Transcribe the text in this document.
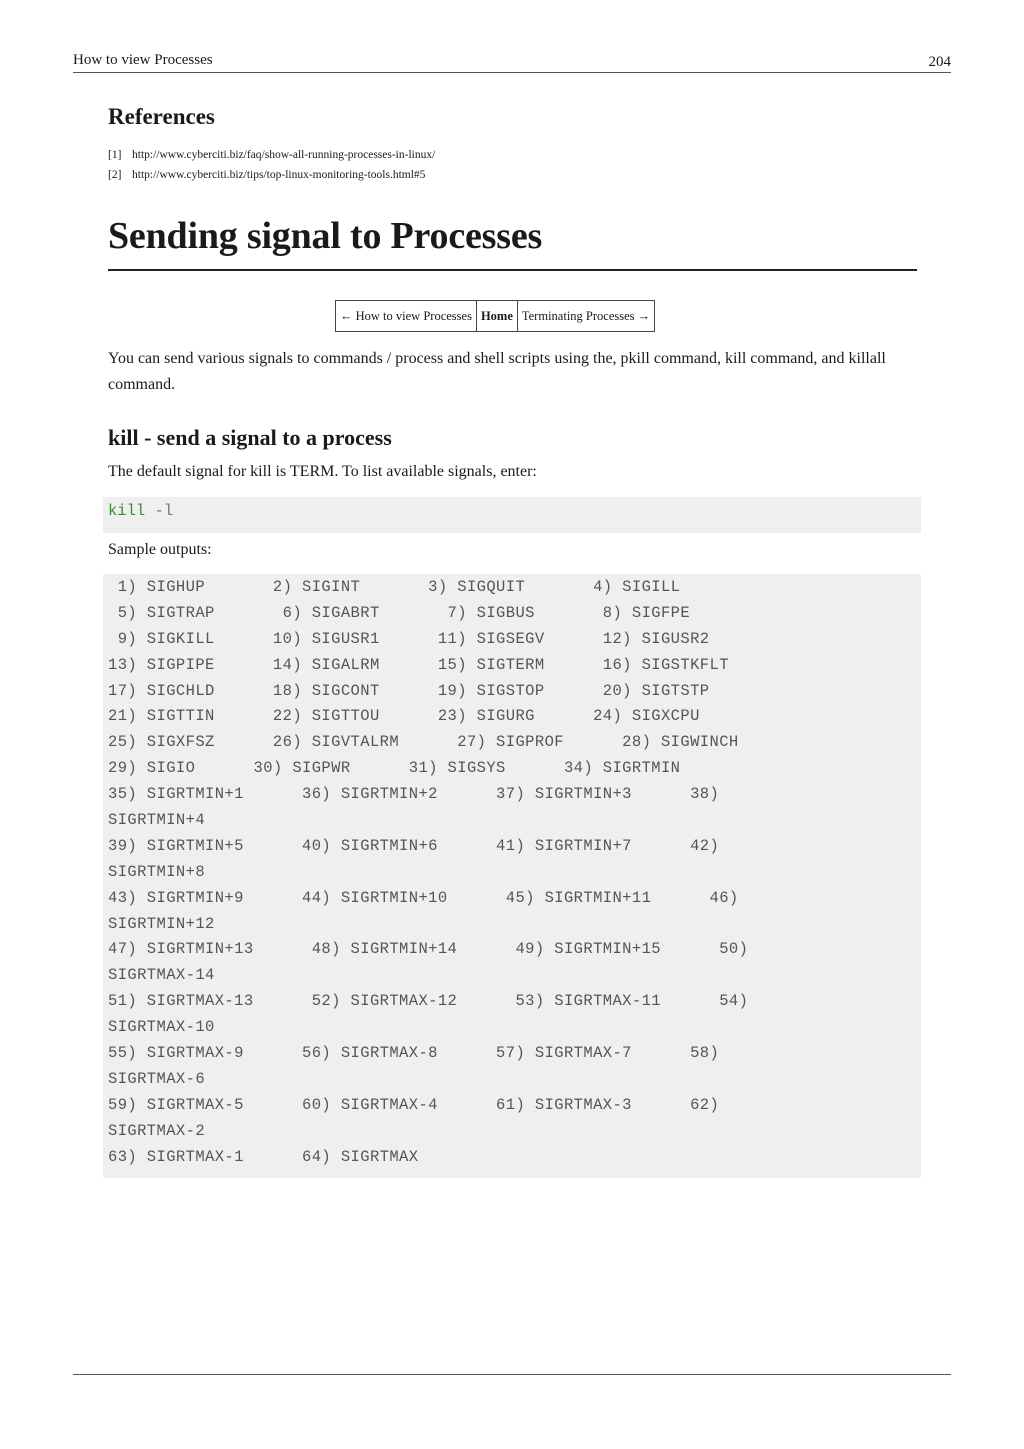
How to view Processes	204
References
[1] http://www.cyberciti.biz/faq/show-all-running-processes-in-linux/
[2] http://www.cyberciti.biz/tips/top-linux-monitoring-tools.html#5
Sending signal to Processes
← How to view Processes	Home	Terminating Processes →
You can send various signals to commands / process and shell scripts using the, pkill command, kill command, and killall command.
kill - send a signal to a process
The default signal for kill is TERM. To list available signals, enter:
kill -l
Sample outputs:
1) SIGHUP       2) SIGINT       3) SIGQUIT       4) SIGILL
5) SIGTRAP       6) SIGABRT       7) SIGBUS       8) SIGFPE
9) SIGKILL      10) SIGUSR1      11) SIGSEGV      12) SIGUSR2
13) SIGPIPE      14) SIGALRM      15) SIGTERM      16) SIGSTKFLT
17) SIGCHLD      18) SIGCONT      19) SIGSTOP      20) SIGTSTP
21) SIGTTIN      22) SIGTTOU      23) SIGURG      24) SIGXCPU
25) SIGXFSZ      26) SIGVTALRM      27) SIGPROF      28) SIGWINCH
29) SIGIO      30) SIGPWR      31) SIGSYS      34) SIGRTMIN
35) SIGRTMIN+1      36) SIGRTMIN+2      37) SIGRTMIN+3      38)
SIGRTMIN+4
39) SIGRTMIN+5      40) SIGRTMIN+6      41) SIGRTMIN+7      42)
SIGRTMIN+8
43) SIGRTMIN+9      44) SIGRTMIN+10      45) SIGRTMIN+11      46)
SIGRTMIN+12
47) SIGRTMIN+13      48) SIGRTMIN+14      49) SIGRTMIN+15      50)
SIGRTMAX-14
51) SIGRTMAX-13      52) SIGRTMAX-12      53) SIGRTMAX-11      54)
SIGRTMAX-10
55) SIGRTMAX-9      56) SIGRTMAX-8      57) SIGRTMAX-7      58)
SIGRTMAX-6
59) SIGRTMAX-5      60) SIGRTMAX-4      61) SIGRTMAX-3      62)
SIGRTMAX-2
63) SIGRTMAX-1      64) SIGRTMAX
